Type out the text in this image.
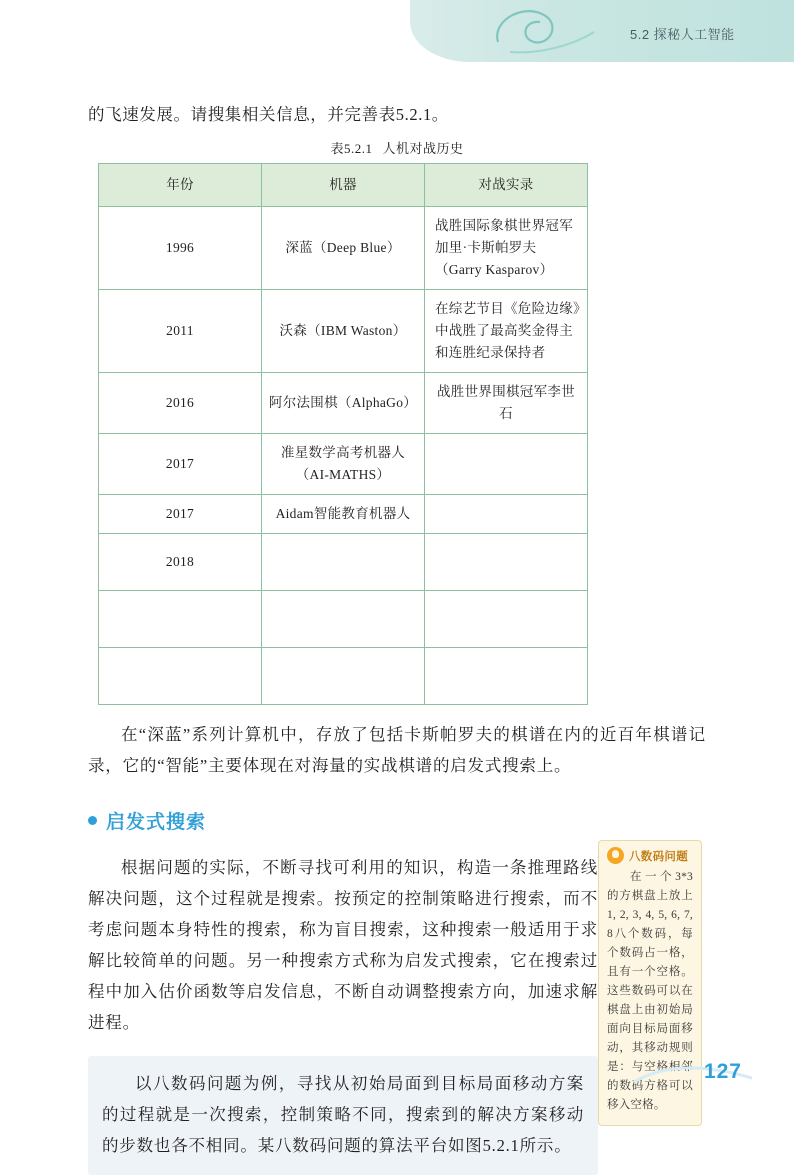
5.2 探秘人工智能

的飞速发展。请搜集相关信息，并完善表5.2.1。

表5.2.1 人机对战历史
年份	机器	对战实录
1996	深蓝（Deep Blue）	战胜国际象棋世界冠军加里·卡斯帕罗夫（Garry Kasparov）
2011	沃森（IBM Waston）	在综艺节目《危险边缘》中战胜了最高奖金得主和连胜纪录保持者
2016	阿尔法围棋（AlphaGo）	战胜世界围棋冠军李世石
2017	准星数学高考机器人（AI-MATHS）	
2017	Aidam智能教育机器人	
2018		

在“深蓝”系列计算机中，存放了包括卡斯帕罗夫的棋谱在内的近百年棋谱记录，它的“智能”主要体现在对海量的实战棋谱的启发式搜索上。

启发式搜索

根据问题的实际，不断寻找可利用的知识，构造一条推理路线解决问题，这个过程就是搜索。按预定的控制策略进行搜索，而不考虑问题本身特性的搜索，称为盲目搜索，这种搜索一般适用于求解比较简单的问题。另一种搜索方式称为启发式搜索，它在搜索过程中加入估价函数等启发信息，不断自动调整搜索方向，加速求解进程。

以八数码问题为例，寻找从初始局面到目标局面移动方案的过程就是一次搜索，控制策略不同，搜索到的解决方案移动的步数也各不相同。某八数码问题的算法平台如图5.2.1所示。

八数码问题
在一个3*3的方棋盘上放上1, 2, 3, 4, 5, 6, 7, 8八个数码，每个数码占一格，且有一个空格。这些数码可以在棋盘上由初始局面向目标局面移动，其移动规则是：与空格相邻的数码方格可以移入空格。
127
